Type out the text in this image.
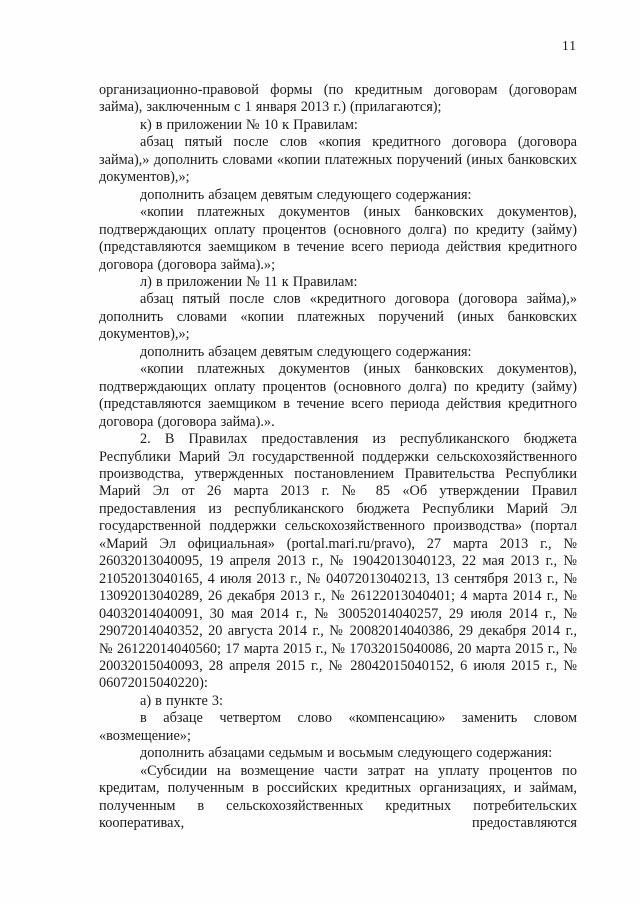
11

организационно-правовой формы (по кредитным договорам (договорам займа), заключенным с 1 января 2013 г.) (прилагаются);

к) в приложении № 10 к Правилам:

абзац пятый после слов «копия кредитного договора (договора займа),» дополнить словами «копии платежных поручений (иных банковских документов),»;

дополнить абзацем девятым следующего содержания:

«копии платежных документов (иных банковских документов), подтверждающих оплату процентов (основного долга) по кредиту (займу) (представляются заемщиком в течение всего периода действия кредитного договора (договора займа).»;

л) в приложении № 11 к Правилам:

абзац пятый после слов «кредитного договора (договора займа),» дополнить словами «копии платежных поручений (иных банковских документов),»;

дополнить абзацем девятым следующего содержания:

«копии платежных документов (иных банковских документов), подтверждающих оплату процентов (основного долга) по кредиту (займу) (представляются заемщиком в течение всего периода действия кредитного договора (договора займа).».

2. В Правилах предоставления из республиканского бюджета Республики Марий Эл государственной поддержки сельскохозяйственного производства, утвержденных постановлением Правительства Республики Марий Эл от 26 марта 2013 г. № 85 «Об утверждении Правил предоставления из республиканского бюджета Республики Марий Эл государственной поддержки сельскохозяйственного производства» (портал «Марий Эл официальная» (portal.mari.ru/pravo), 27 марта 2013 г., № 26032013040095, 19 апреля 2013 г., № 19042013040123, 22 мая 2013 г., № 21052013040165, 4 июля 2013 г., № 04072013040213, 13 сентября 2013 г., № 13092013040289, 26 декабря 2013 г., № 26122013040401; 4 марта 2014 г., № 04032014040091, 30 мая 2014 г., № 30052014040257, 29 июля 2014 г., № 29072014040352, 20 августа 2014 г., № 20082014040386, 29 декабря 2014 г., № 26122014040560; 17 марта 2015 г., № 17032015040086, 20 марта 2015 г., № 20032015040093, 28 апреля 2015 г., № 28042015040152, 6 июля 2015 г., № 06072015040220):

а) в пункте 3:

в абзаце четвертом слово «компенсацию» заменить словом «возмещение»;

дополнить абзацами седьмым и восьмым следующего содержания:

«Субсидии на возмещение части затрат на уплату процентов по кредитам, полученным в российских кредитных организациях, и займам, полученным в сельскохозяйственных кредитных потребительских кооперативах, предоставляются
